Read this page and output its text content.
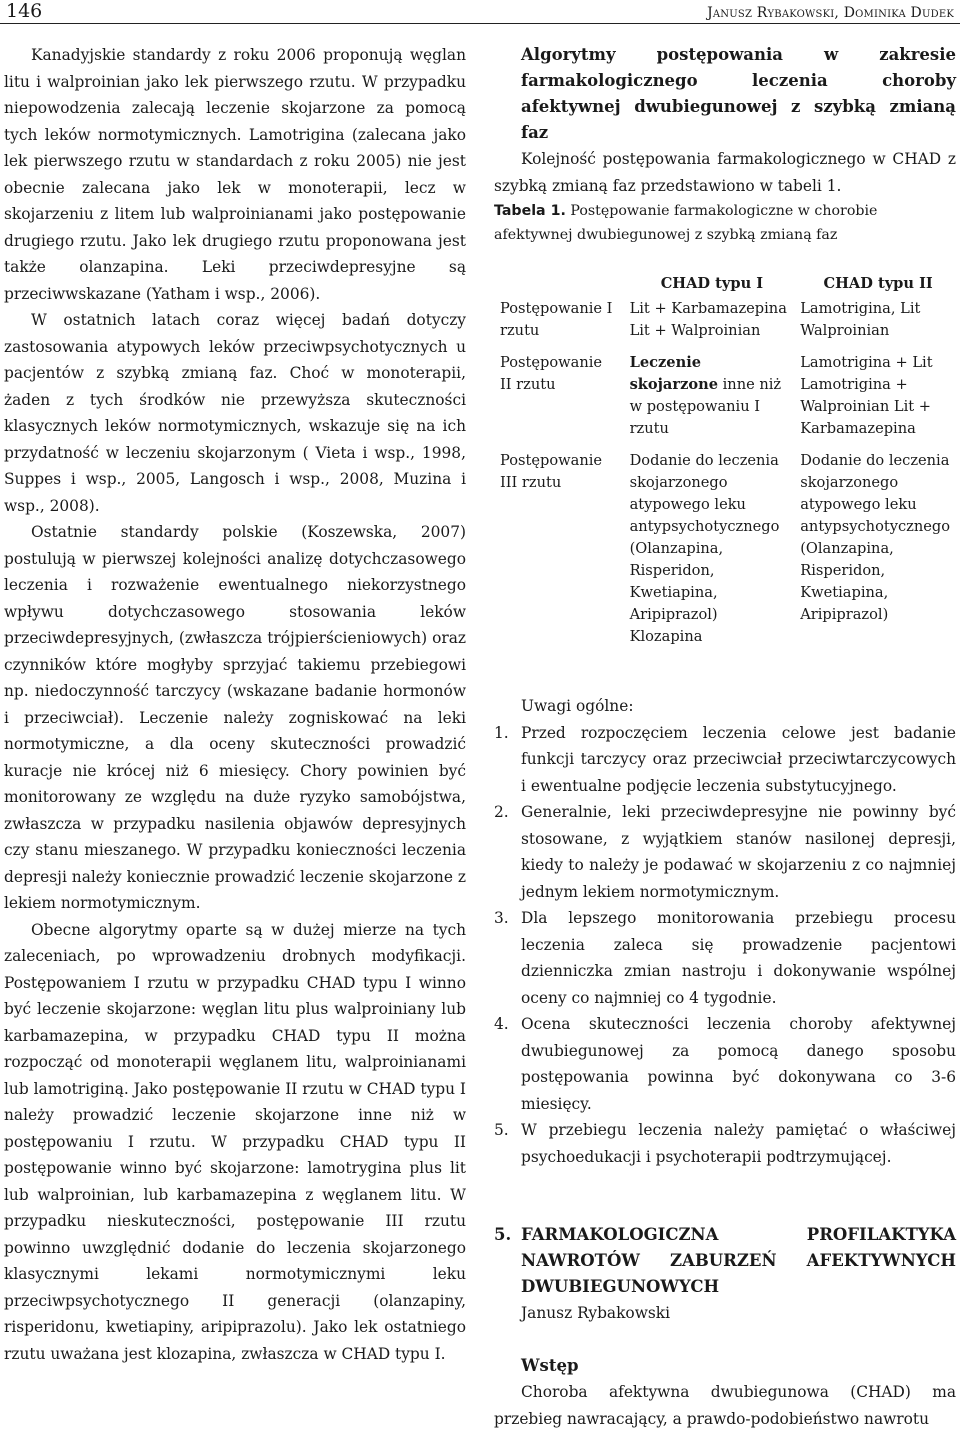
146	Janusz Rybakowski, Dominika Dudek

Kanadyjskie standardy z roku 2006 proponują węglan litu i walproinian jako lek pierwszego rzutu. W przypadku niepowodzenia zalecają leczenie skojarzone za pomocą tych leków normotymicznych. Lamotrigina (zalecana jako lek pierwszego rzutu w standardach z roku 2005) nie jest obecnie zalecana jako lek w monoterapii, lecz w skojarzeniu z litem lub walproinianami jako postępowanie drugiego rzutu. Jako lek drugiego rzutu proponowana jest także olanzapina. Leki przeciwdepresyjne są przeciwwskazane (Yatham i wsp., 2006).

W ostatnich latach coraz więcej badań dotyczy zastosowania atypowych leków przeciwpsychotycznych u pacjentów z szybką zmianą faz. Choć w monoterapii, żaden z tych środków nie przewyższa skuteczności klasycznych leków normotymicznych, wskazuje się na ich przydatność w leczeniu skojarzonym ( Vieta i wsp., 1998, Suppes i wsp., 2005, Langosch i wsp., 2008, Muzina i wsp., 2008).

Ostatnie standardy polskie (Koszewska, 2007) postulują w pierwszej kolejności analizę dotychczasowego leczenia i rozważenie ewentualnego niekorzystnego wpływu dotychczasowego stosowania leków przeciwdepresyjnych, (zwłaszcza trójpierścieniowych) oraz czynników które mogłyby sprzyjać takiemu przebiegowi np. niedoczynność tarczycy (wskazane badanie hormonów i przeciwciał). Leczenie należy zogniskować na leki normotymiczne, a dla oceny skuteczności prowadzić kuracje nie krócej niż 6 miesięcy. Chory powinien być monitorowany ze względu na duże ryzyko samobójstwa, zwłaszcza w przypadku nasilenia objawów depresyjnych czy stanu mieszanego. W przypadku konieczności leczenia depresji należy koniecznie prowadzić leczenie skojarzone z lekiem normotymicznym.

Obecne algorytmy oparte są w dużej mierze na tych zaleceniach, po wprowadzeniu drobnych modyfikacji. Postępowaniem I rzutu w przypadku CHAD typu I winno być leczenie skojarzone: węglan litu plus walproiniany lub karbamazepina, w przypadku CHAD typu II można rozpocząć od monoterapii węglanem litu, walproinianami lub lamotriginą. Jako postępowanie II rzutu w CHAD typu I należy prowadzić leczenie skojarzone inne niż w postępowaniu I rzutu. W przypadku CHAD typu II postępowanie winno być skojarzone: lamotrygina plus lit lub walproinian, lub karbamazepina z węglanem litu. W przypadku nieskuteczności, postępowanie III rzutu powinno uwzględnić dodanie do leczenia skojarzonego klasycznymi lekami normotymicznymi leku przeciwpsychotycznego II generacji (olanzapiny, risperidonu, kwetiapiny, aripiprazolu). Jako lek ostatniego rzutu uważana jest klozapina, zwłaszcza w CHAD typu I.

Algorytmy postępowania w zakresie farmakologicznego leczenia choroby afektywnej dwubiegunowej z szybką zmianą faz

Kolejność postępowania farmakologicznego w CHAD z szybką zmianą faz przedstawiono w tabeli 1.

Tabela 1. Postępowanie farmakologiczne w chorobie afektywnej dwubiegunowej z szybką zmianą faz

	CHAD typu I	CHAD typu II
Postępowanie I rzutu	Lit + Karbamazepina Lit + Walproinian	Lamotrigina, Lit Walproinian
Postępowanie II rzutu	Leczenie skojarzone inne niż w postępowaniu I rzutu	Lamotrigina + Lit Lamotrigina + Walproinian Lit + Karbamazepina
Postępowanie III rzutu	Dodanie do leczenia skojarzonego atypowego leku antypsychotycznego (Olanzapina, Risperidon, Kwetiapina, Aripiprazol) Klozapina	Dodanie do leczenia skojarzonego atypowego leku antypsychotycznego (Olanzapina, Risperidon, Kwetiapina, Aripiprazol)
Uwagi ogólne:
1. Przed rozpoczęciem leczenia celowe jest badanie funkcji tarczycy oraz przeciwciał przeciwtarczycowych i ewentualne podjęcie leczenia substytucyjnego.
2. Generalnie, leki przeciwdepresyjne nie powinny być stosowane, z wyjątkiem stanów nasilonej depresji, kiedy to należy je podawać w skojarzeniu z co najmniej jednym lekiem normotymicznym.
3. Dla lepszego monitorowania przebiegu procesu leczenia zaleca się prowadzenie pacjentowi dzienniczka zmian nastroju i dokonywanie wspólnej oceny co najmniej co 4 tygodnie.
4. Ocena skuteczności leczenia choroby afektywnej dwubiegunowej za pomocą danego sposobu postępowania powinna być dokonywana co 3-6 miesięcy.
5. W przebiegu leczenia należy pamiętać o właściwej psychoedukacji i psychoterapii podtrzymującej.
5. FARMAKOLOGICZNA PROFILAKTYKA NAWROTÓW ZABURZEŃ AFEKTYWNYCH DWUBIEGUNOWYCH
Janusz Rybakowski
Wstęp

Choroba afektywna dwubiegunowa (CHAD) ma przebieg nawracający, a prawdo-podobieństwo nawrotu
